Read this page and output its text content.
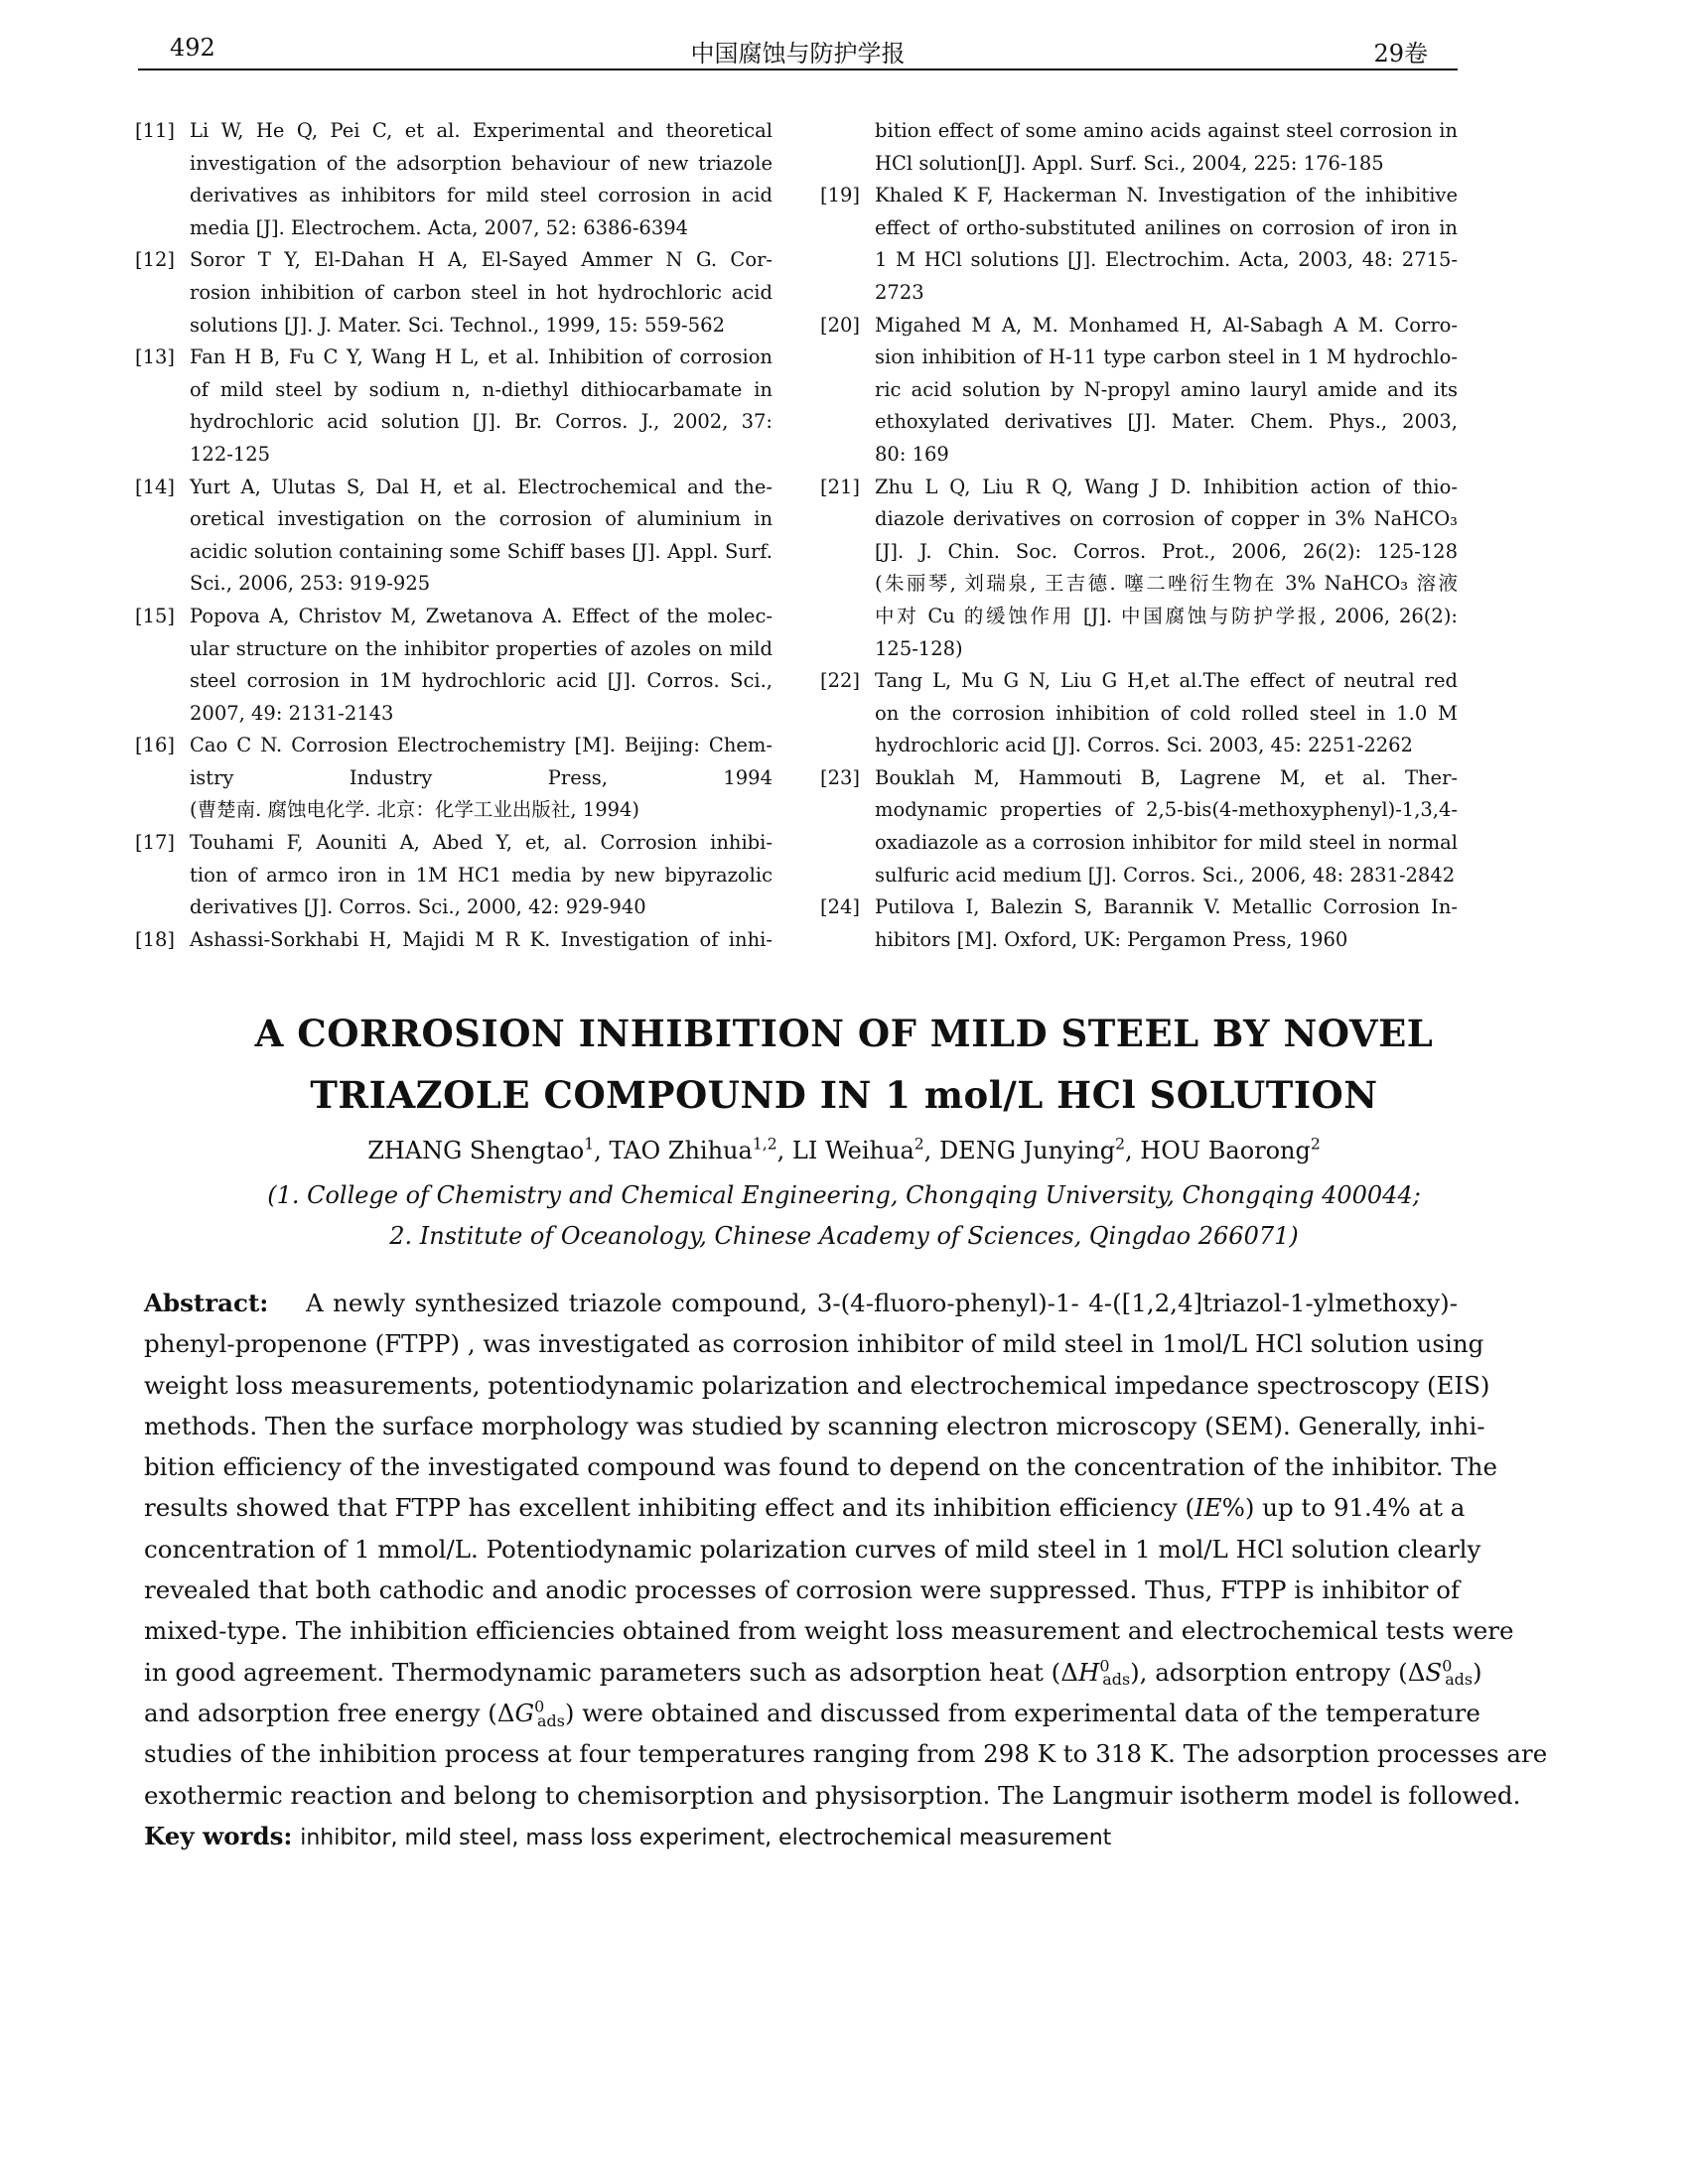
492	中国腐蚀与防护学报	29卷
[11] Li W, He Q, Pei C, et al. Experimental and theoretical
investigation of the adsorption behaviour of new triazole
derivatives as inhibitors for mild steel corrosion in acid
media [J]. Electrochem. Acta, 2007, 52: 6386-6394
[12] Soror T Y, El-Dahan H A, El-Sayed Ammer N G. Cor-
rosion inhibition of carbon steel in hot hydrochloric acid
solutions [J]. J. Mater. Sci. Technol., 1999, 15: 559-562
[13] Fan H B, Fu C Y, Wang H L, et al. Inhibition of corrosion
of mild steel by sodium n, n-diethyl dithiocarbamate in
hydrochloric acid solution [J]. Br. Corros. J., 2002, 37:
122-125
[14] Yurt A, Ulutas S, Dal H, et al. Electrochemical and the-
oretical investigation on the corrosion of aluminium in
acidic solution containing some Schiff bases [J]. Appl. Surf.
Sci., 2006, 253: 919-925
[15] Popova A, Christov M, Zwetanova A. Effect of the molec-
ular structure on the inhibitor properties of azoles on mild
steel corrosion in 1M hydrochloric acid [J]. Corros. Sci.,
2007, 49: 2131-2143
[16] Cao C N. Corrosion Electrochemistry [M]. Beijing: Chem-
istry Industry Press, 1994
(曹楚南. 腐蚀电化学. 北京：化学工业出版社, 1994)
[17] Touhami F, Aouniti A, Abed Y, et, al. Corrosion inhibi-
tion of armco iron in 1M HC1 media by new bipyrazolic
derivatives [J]. Corros. Sci., 2000, 42: 929-940
[18] Ashassi-Sorkhabi H, Majidi M R K. Investigation of inhi-
bition effect of some amino acids against steel corrosion in
HCl solution[J]. Appl. Surf. Sci., 2004, 225: 176-185
[19] Khaled K F, Hackerman N. Investigation of the inhibitive
effect of ortho-substituted anilines on corrosion of iron in
1 M HCl solutions [J]. Electrochim. Acta, 2003, 48: 2715-
2723
[20] Migahed M A, M. Monhamed H, Al-Sabagh A M. Corro-
sion inhibition of H-11 type carbon steel in 1 M hydrochlo-
ric acid solution by N-propyl amino lauryl amide and its
ethoxylated derivatives [J]. Mater. Chem. Phys., 2003,
80: 169
[21] Zhu L Q, Liu R Q, Wang J D. Inhibition action of thio-
diazole derivatives on corrosion of copper in 3% NaHCO₃
[J]. J. Chin. Soc. Corros. Prot., 2006, 26(2): 125-128
(朱丽琴, 刘瑞泉, 王吉德. 噻二唑衍生物在 3% NaHCO₃ 溶液
中对 Cu 的缓蚀作用 [J]. 中国腐蚀与防护学报, 2006, 26(2):
125-128)
[22] Tang L, Mu G N, Liu G H,et al.The effect of neutral red
on the corrosion inhibition of cold rolled steel in 1.0 M
hydrochloric acid [J]. Corros. Sci. 2003, 45: 2251-2262
[23] Bouklah M, Hammouti B, Lagrene M, et al. Ther-
modynamic properties of 2,5-bis(4-methoxyphenyl)-1,3,4-
oxadiazole as a corrosion inhibitor for mild steel in normal
sulfuric acid medium [J]. Corros. Sci., 2006, 48: 2831-2842
[24] Putilova I, Balezin S, Barannik V. Metallic Corrosion In-
hibitors [M]. Oxford, UK: Pergamon Press, 1960
A CORROSION INHIBITION OF MILD STEEL BY NOVEL
TRIAZOLE COMPOUND IN 1 mol/L HCl SOLUTION
ZHANG Shengtao$^1$, TAO Zhihua$^{1,2}$, LI Weihua$^2$, DENG Junying$^2$, HOU Baorong$^2$
(1. College of Chemistry and Chemical Engineering, Chongqing University, Chongqing 400044;
2. Institute of Oceanology, Chinese Academy of Sciences, Qingdao 266071)
Abstract: A newly synthesized triazole compound, 3-(4-fluoro-phenyl)-1- 4-([1,2,4]triazol-1-ylmethoxy)-
phenyl-propenone (FTPP) , was investigated as corrosion inhibitor of mild steel in 1mol/L HCl solution using
weight loss measurements, potentiodynamic polarization and electrochemical impedance spectroscopy (EIS)
methods. Then the surface morphology was studied by scanning electron microscopy (SEM). Generally, inhi-
bition efficiency of the investigated compound was found to depend on the concentration of the inhibitor. The
results showed that FTPP has excellent inhibiting effect and its inhibition efficiency (IE%) up to 91.4% at a
concentration of 1 mmol/L. Potentiodynamic polarization curves of mild steel in 1 mol/L HCl solution clearly
revealed that both cathodic and anodic processes of corrosion were suppressed. Thus, FTPP is inhibitor of
mixed-type. The inhibition efficiencies obtained from weight loss measurement and electrochemical tests were
in good agreement. Thermodynamic parameters such as adsorption heat $(\Delta H^0_{ads})$, adsorption entropy $(\Delta S^0_{ads})$
and adsorption free energy $(\Delta G^0_{ads})$ were obtained and discussed from experimental data of the temperature
studies of the inhibition process at four temperatures ranging from 298 K to 318 K. The adsorption processes are
exothermic reaction and belong to chemisorption and physisorption. The Langmuir isotherm model is followed.
Key words: inhibitor, mild steel, mass loss experiment, electrochemical measurement
